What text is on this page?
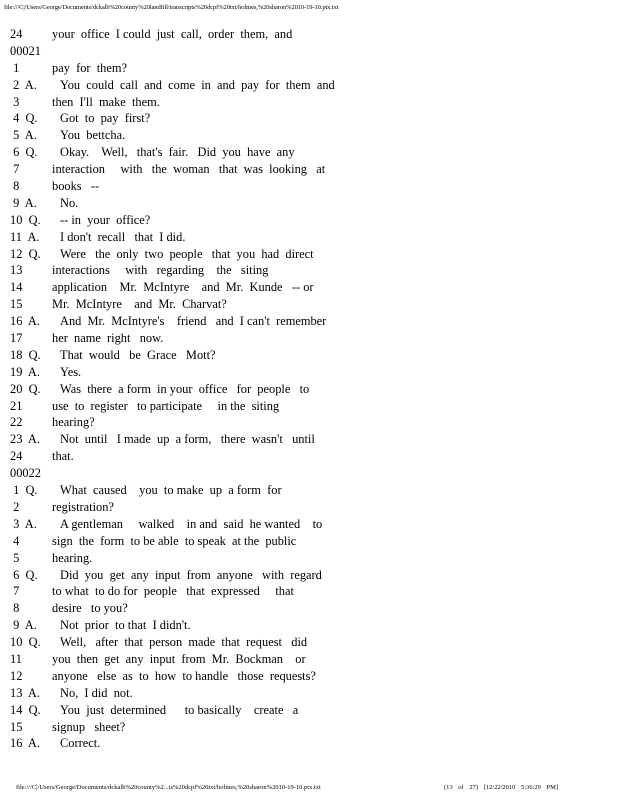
file:///C|/Users/George/Documents/dckalb%20county%20landfill/transcripts%20dcpf%20txt/holmes,%20sharon%2010-19-10.ptx.txt
24 your  office  I could  just  call,  order  them,  and
00021
1	pay  for  them?
2  A. You  could  call  and  come  in  and  pay  for  them  and
3	then  I'll  make  them.
4  Q. Got  to  pay  first?
5  A. You  bettcha.
6  Q. Okay.    Well,   that's  fair.   Did  you  have  any
7	interaction     with   the  woman   that  was  looking   at
8	books   --
9  A. No.
10  Q. -- in  your  office?
11  A. I don't  recall   that  I did.
12  Q. Were   the  only  two  people   that  you  had  direct
13 interactions     with   regarding    the   siting
14 application    Mr.  McIntyre    and  Mr.  Kunde   -- or
15 Mr.  McIntyre    and  Mr.  Charvat?
16  A. And  Mr.  McIntyre's    friend   and  I can't  remember
17 her  name  right   now.
18  Q. That  would   be  Grace   Mott?
19  A. Yes.
20  Q. Was  there  a form  in your  office   for  people   to
21 use  to  register   to participate     in the  siting
22 hearing?
23  A. Not  until   I made  up  a form,   there  wasn't   until
24 that.
00022
1  Q. What  caused    you  to make  up  a form  for
2	registration?
3  A. A gentleman     walked    in and  said  he wanted    to
4	sign  the  form  to be able  to speak  at the  public
5	hearing.
6  Q. Did  you  get  any  input  from  anyone   with  regard
7	to what  to do for  people   that  expressed     that
8	desire   to you?
9  A. Not  prior  to that  I didn't.
10  Q. Well,   after  that  person  made  that  request   did
11 you  then  get  any  input  from  Mr.  Bockman    or
12 anyone   else  as  to  how  to handle   those  requests?
13  A. No,  I did  not.
14  Q. You  just  determined      to basically    create   a
15 signup   sheet?
16  A. Correct.
file:///C|/Users/George/Documents/dckalb%20county%2...ts%20dcpf%20txt/holmes,%20sharon%2010-19-10.ptx.txt	(13 of 27) [12/22/2010 5:36:29 PM]
